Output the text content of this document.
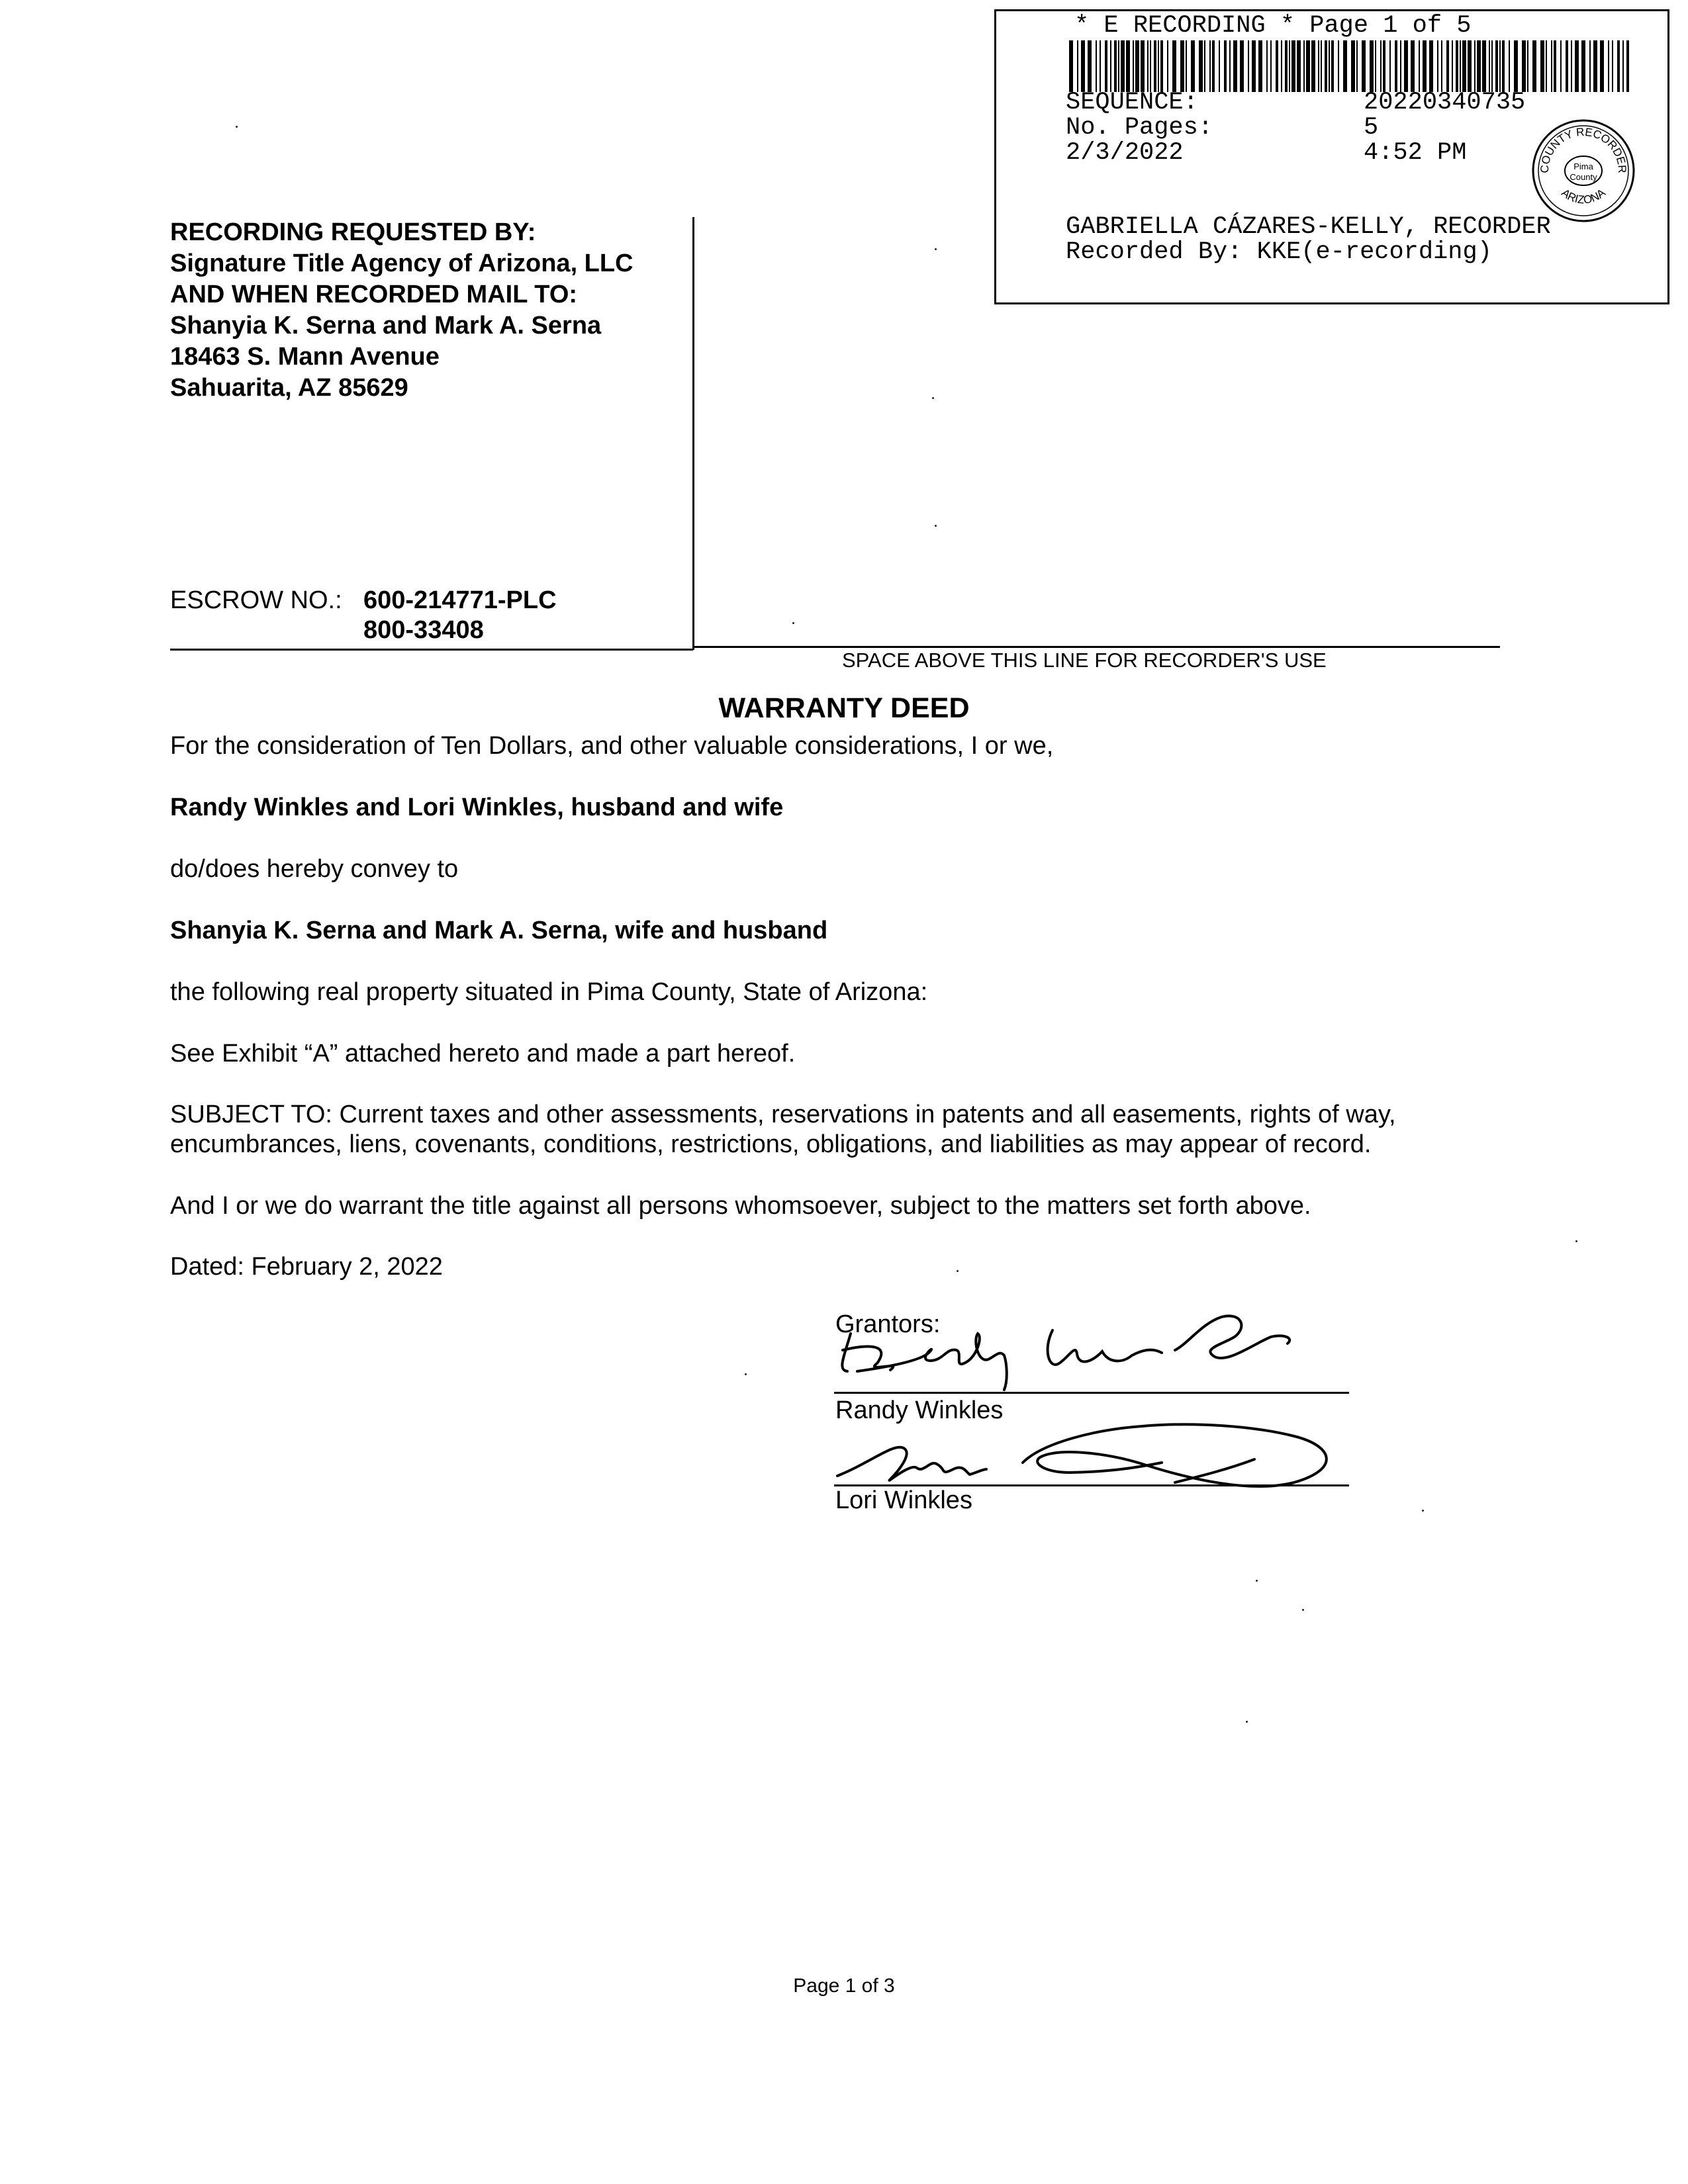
* E RECORDING * Page 1 of 5
SEQUENCE:	20220340735
No. Pages:	5
2/3/2022	4:52 PM
COUNTY RECORDER
ARIZONA
Pima
County
GABRIELLA CÁZARES-KELLY, RECORDER
Recorded By: KKE(e-recording)
RECORDING REQUESTED BY:
Signature Title Agency of Arizona, LLC
AND WHEN RECORDED MAIL TO:
Shanyia K. Serna and Mark A. Serna
18463 S. Mann Avenue
Sahuarita, AZ 85629
ESCROW NO.: 600-214771-PLC
800-33408
SPACE ABOVE THIS LINE FOR RECORDER'S USE
WARRANTY DEED
For the consideration of Ten Dollars, and other valuable considerations, I or we,
Randy Winkles and Lori Winkles, husband and wife
do/does hereby convey to
Shanyia K. Serna and Mark A. Serna, wife and husband
the following real property situated in Pima County, State of Arizona:
See Exhibit “A” attached hereto and made a part hereof.
SUBJECT TO: Current taxes and other assessments, reservations in patents and all easements, rights of way,
encumbrances, liens, covenants, conditions, restrictions, obligations, and liabilities as may appear of record.
And I or we do warrant the title against all persons whomsoever, subject to the matters set forth above.
Dated: February 2, 2022
Grantors:
Randy Winkles
Lori Winkles
Page 1 of 3
